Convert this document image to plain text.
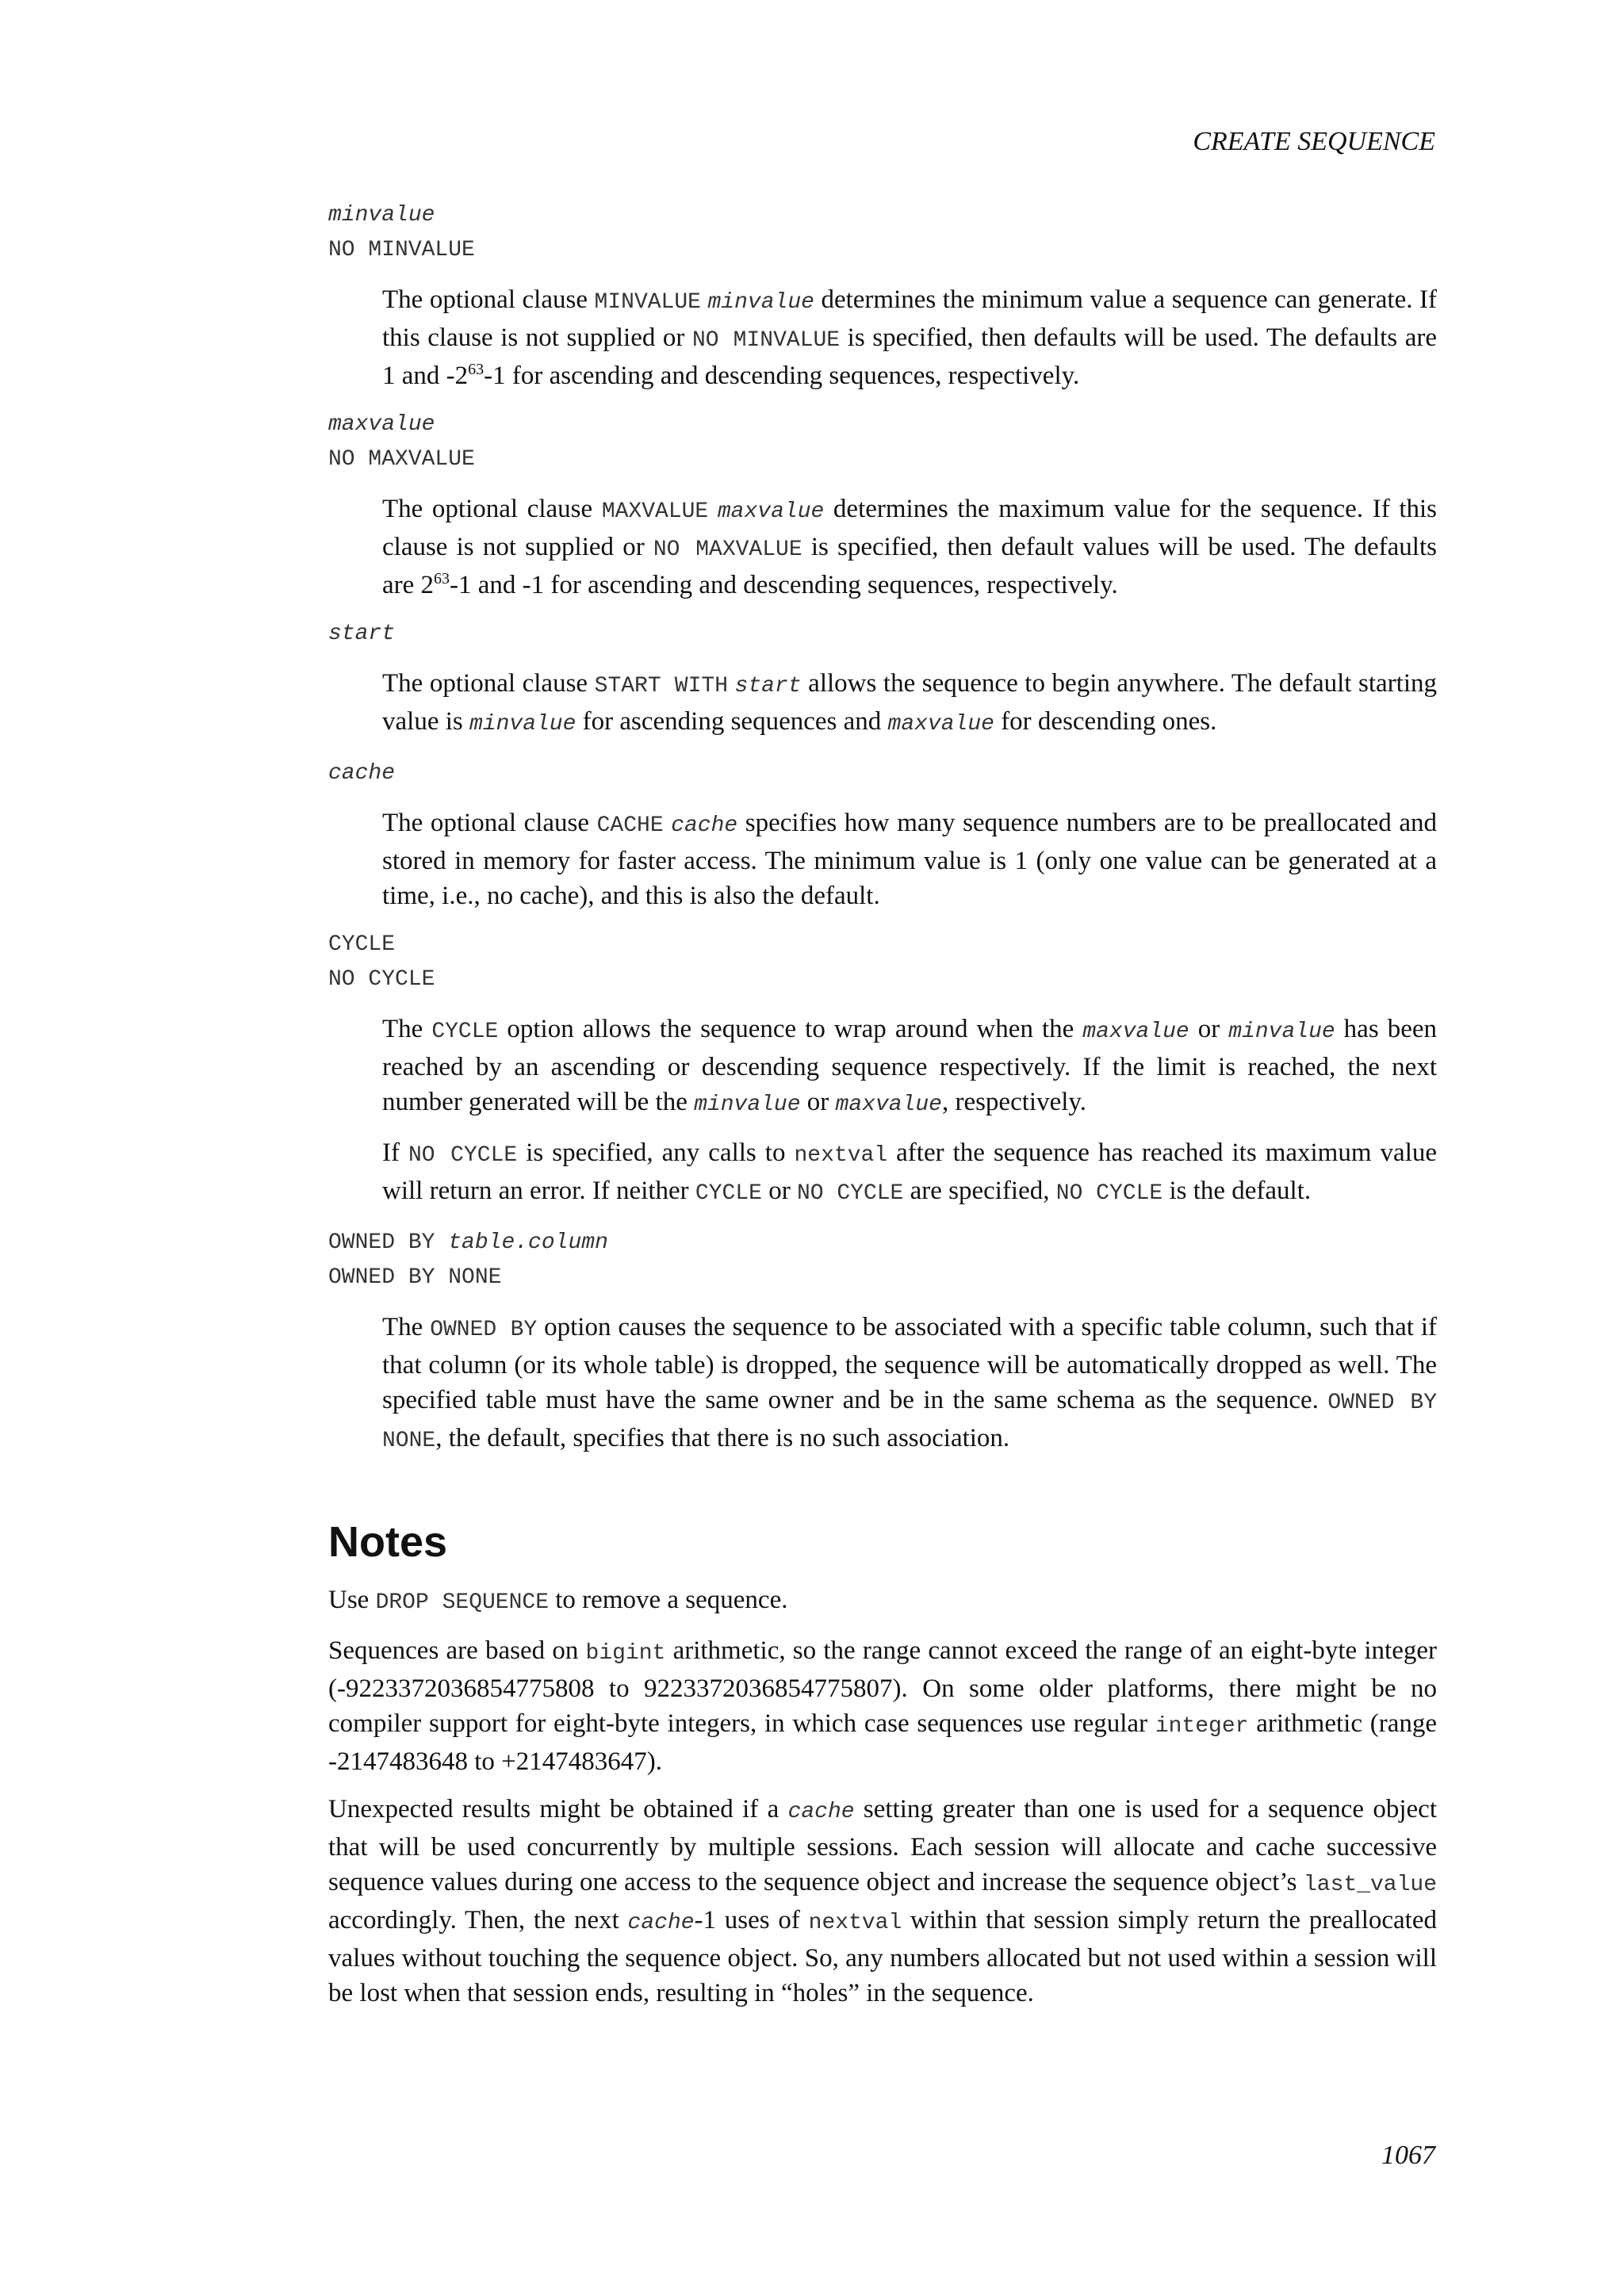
CREATE SEQUENCE
minvalue
NO MINVALUE

The optional clause MINVALUE minvalue determines the minimum value a sequence can generate. If this clause is not supplied or NO MINVALUE is specified, then defaults will be used. The defaults are 1 and $-2^{63}-1$ for ascending and descending sequences, respectively.

maxvalue
NO MAXVALUE

The optional clause MAXVALUE maxvalue determines the maximum value for the sequence. If this clause is not supplied or NO MAXVALUE is specified, then default values will be used. The defaults are $2^{63}-1$ and -1 for ascending and descending sequences, respectively.

start

The optional clause START WITH start allows the sequence to begin anywhere. The default starting value is minvalue for ascending sequences and maxvalue for descending ones.

cache

The optional clause CACHE cache specifies how many sequence numbers are to be preallocated and stored in memory for faster access. The minimum value is 1 (only one value can be generated at a time, i.e., no cache), and this is also the default.

CYCLE
NO CYCLE

The CYCLE option allows the sequence to wrap around when the maxvalue or minvalue has been reached by an ascending or descending sequence respectively. If the limit is reached, the next number generated will be the minvalue or maxvalue, respectively.

If NO CYCLE is specified, any calls to nextval after the sequence has reached its maximum value will return an error. If neither CYCLE or NO CYCLE are specified, NO CYCLE is the default.

OWNED BY table.column
OWNED BY NONE

The OWNED BY option causes the sequence to be associated with a specific table column, such that if that column (or its whole table) is dropped, the sequence will be automatically dropped as well. The specified table must have the same owner and be in the same schema as the sequence. OWNED BY NONE, the default, specifies that there is no such association.

Notes

Use DROP SEQUENCE to remove a sequence.

Sequences are based on bigint arithmetic, so the range cannot exceed the range of an eight-byte integer (-9223372036854775808 to 9223372036854775807). On some older platforms, there might be no compiler support for eight-byte integers, in which case sequences use regular integer arithmetic (range -2147483648 to +2147483647).

Unexpected results might be obtained if a cache setting greater than one is used for a sequence object that will be used concurrently by multiple sessions. Each session will allocate and cache successive sequence values during one access to the sequence object and increase the sequence object’s last_value accordingly. Then, the next cache-1 uses of nextval within that session simply return the preallocated values without touching the sequence object. So, any numbers allocated but not used within a session will be lost when that session ends, resulting in “holes” in the sequence.

1067
